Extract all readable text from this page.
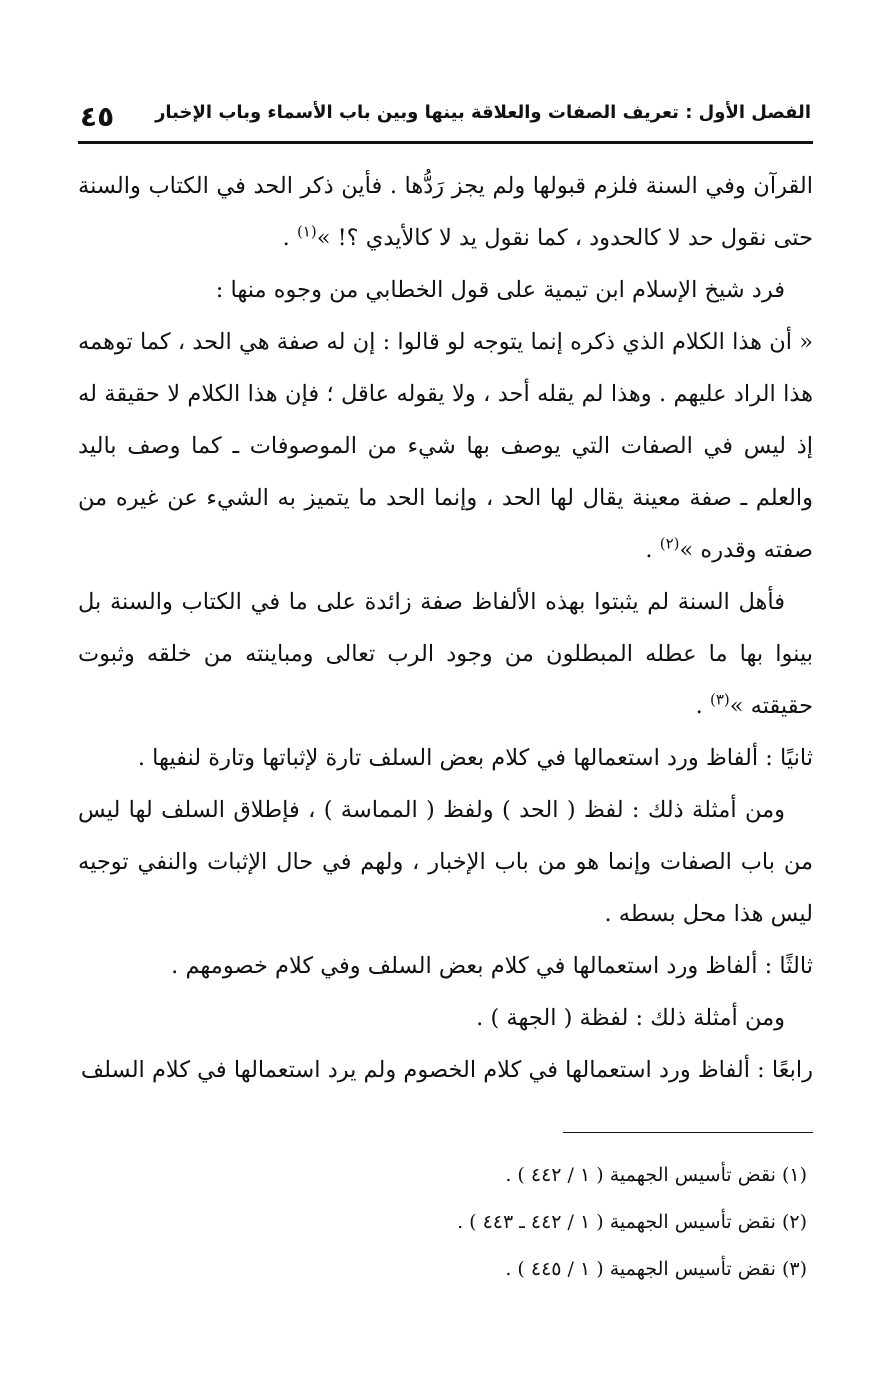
الفصل الأول : تعريف الصفات والعلاقة بينها وبين باب الأسماء وباب الإخبار
٤٥

القرآن وفي السنة فلزم قبولها ولم يجز رَدُّها . فأين ذكر الحد في الكتاب والسنة حتى نقول حد لا كالحدود ، كما نقول يد لا كالأيدي ؟! »$^{(١)}$ .

فرد شيخ الإسلام ابن تيمية على قول الخطابي من وجوه منها :

« أن هذا الكلام الذي ذكره إنما يتوجه لو قالوا : إن له صفة هي الحد ، كما توهمه هذا الراد عليهم . وهذا لم يقله أحد ، ولا يقوله عاقل ؛ فإن هذا الكلام لا حقيقة له إذ ليس في الصفات التي يوصف بها شيء من الموصوفات ـ كما وصف باليد والعلم ـ صفة معينة يقال لها الحد ، وإنما الحد ما يتميز به الشيء عن غيره من صفته وقدره »$^{(٢)}$ .

فأهل السنة لم يثبتوا بهذه الألفاظ صفة زائدة على ما في الكتاب والسنة بل بينوا بها ما عطله المبطلون من وجود الرب تعالى ومباينته من خلقه وثبوت حقيقته »$^{(٣)}$ .

ثانيًا : ألفاظ ورد استعمالها في كلام بعض السلف تارة لإثباتها وتارة لنفيها .

ومن أمثلة ذلك : لفظ ( الحد ) ولفظ ( المماسة ) ، فإطلاق السلف لها ليس من باب الصفات وإنما هو من باب الإخبار ، ولهم في حال الإثبات والنفي توجيه ليس هذا محل بسطه .

ثالثًا : ألفاظ ورد استعمالها في كلام بعض السلف وفي كلام خصومهم .

ومن أمثلة ذلك : لفظة ( الجهة ) .

رابعًا : ألفاظ ورد استعمالها في كلام الخصوم ولم يرد استعمالها في كلام السلف

(١) نقض تأسيس الجهمية ( ١ / ٤٤٢ ) .

(٢) نقض تأسيس الجهمية ( ١ / ٤٤٢ ـ ٤٤٣ ) .

(٣) نقض تأسيس الجهمية ( ١ / ٤٤٥ ) .
